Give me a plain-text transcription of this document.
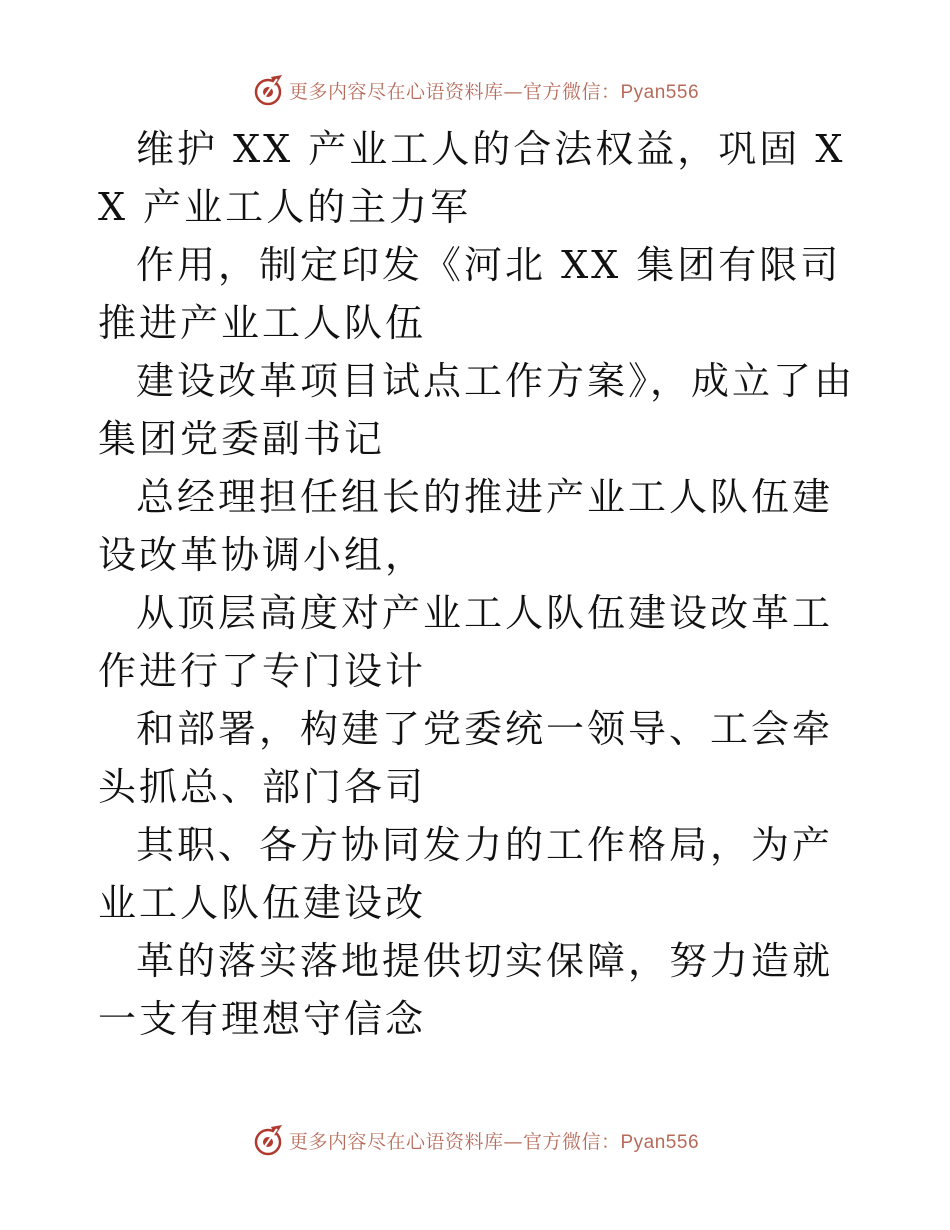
更多内容尽在心语资料库—官方微信：Pyan556

维护 XX 产业工人的合法权益，巩固 XX 产业工人的主力军

作用，制定印发《河北 XX 集团有限司推进产业工人队伍

建设改革项目试点工作方案》，成立了由集团党委副书记

总经理担任组长的推进产业工人队伍建设改革协调小组，

从顶层高度对产业工人队伍建设改革工作进行了专门设计

和部署，构建了党委统一领导、工会牵头抓总、部门各司

其职、各方协同发力的工作格局，为产业工人队伍建设改

革的落实落地提供切实保障，努力造就一支有理想守信念

更多内容尽在心语资料库—官方微信：Pyan556
